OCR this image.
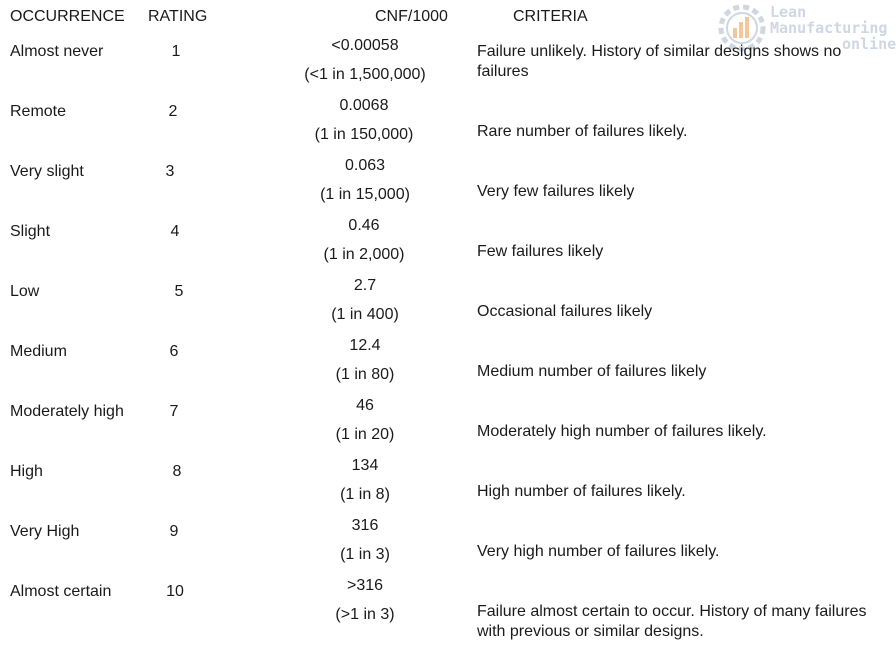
Lean
Manufacturing
online
OCCURRENCE RATING	CNF/1000	CRITERIA
Almost never	1	<0.00058
(<1 in 1,500,000)
Failure unlikely. History of similar designs shows no failures
Remote	2	0.0068
(1 in 150,000)	Rare number of failures likely.
Very slight	3	0.063
(1 in 15,000)	Very few failures likely
Slight	4	0.46
(1 in 2,000)	Few failures likely
Low	5	2.7
(1 in 400)	Occasional failures likely
Medium	6	12.4
(1 in 80)	Medium number of failures likely
Moderately high	7	46
(1 in 20)	Moderately high number of failures likely.
High	8	134
(1 in 8)	High number of failures likely.
Very High	9	316
(1 in 3)	Very high number of failures likely.
Almost certain	10	>316
(>1 in 3)	Failure almost certain to occur. History of many failures with previous or similar designs.
